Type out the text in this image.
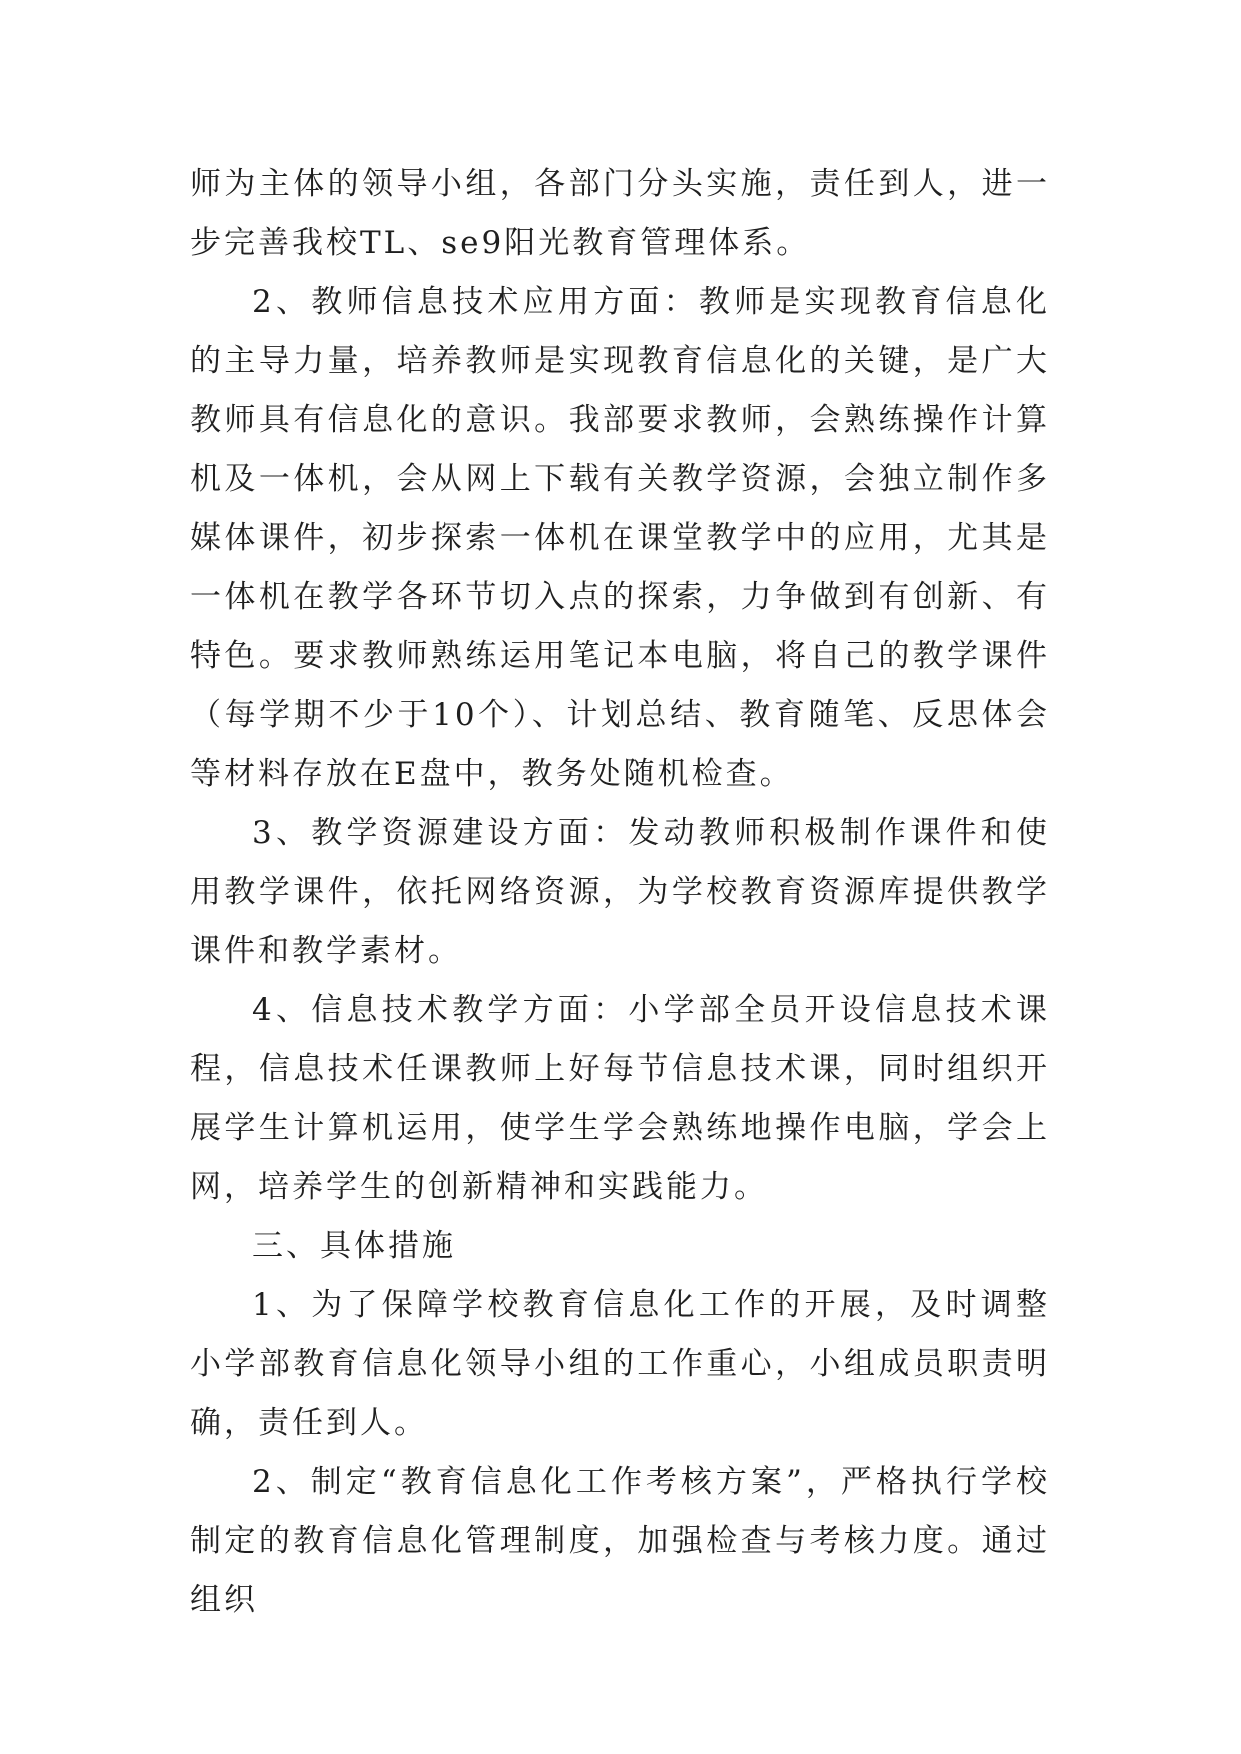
师为主体的领导小组，各部门分头实施，责任到人，进一步完善我校TL、se9阳光教育管理体系。

2、教师信息技术应用方面：教师是实现教育信息化的主导力量，培养教师是实现教育信息化的关键，是广大教师具有信息化的意识。我部要求教师，会熟练操作计算机及一体机，会从网上下载有关教学资源，会独立制作多媒体课件，初步探索一体机在课堂教学中的应用，尤其是一体机在教学各环节切入点的探索，力争做到有创新、有特色。要求教师熟练运用笔记本电脑，将自己的教学课件（每学期不少于10个）、计划总结、教育随笔、反思体会等材料存放在E盘中，教务处随机检查。

3、教学资源建设方面：发动教师积极制作课件和使用教学课件，依托网络资源，为学校教育资源库提供教学课件和教学素材。

4、信息技术教学方面：小学部全员开设信息技术课程，信息技术任课教师上好每节信息技术课，同时组织开展学生计算机运用，使学生学会熟练地操作电脑，学会上网，培养学生的创新精神和实践能力。

三、具体措施

1、为了保障学校教育信息化工作的开展，及时调整小学部教育信息化领导小组的工作重心，小组成员职责明确，责任到人。

2、制定“教育信息化工作考核方案”，严格执行学校制定的教育信息化管理制度，加强检查与考核力度。通过组织
